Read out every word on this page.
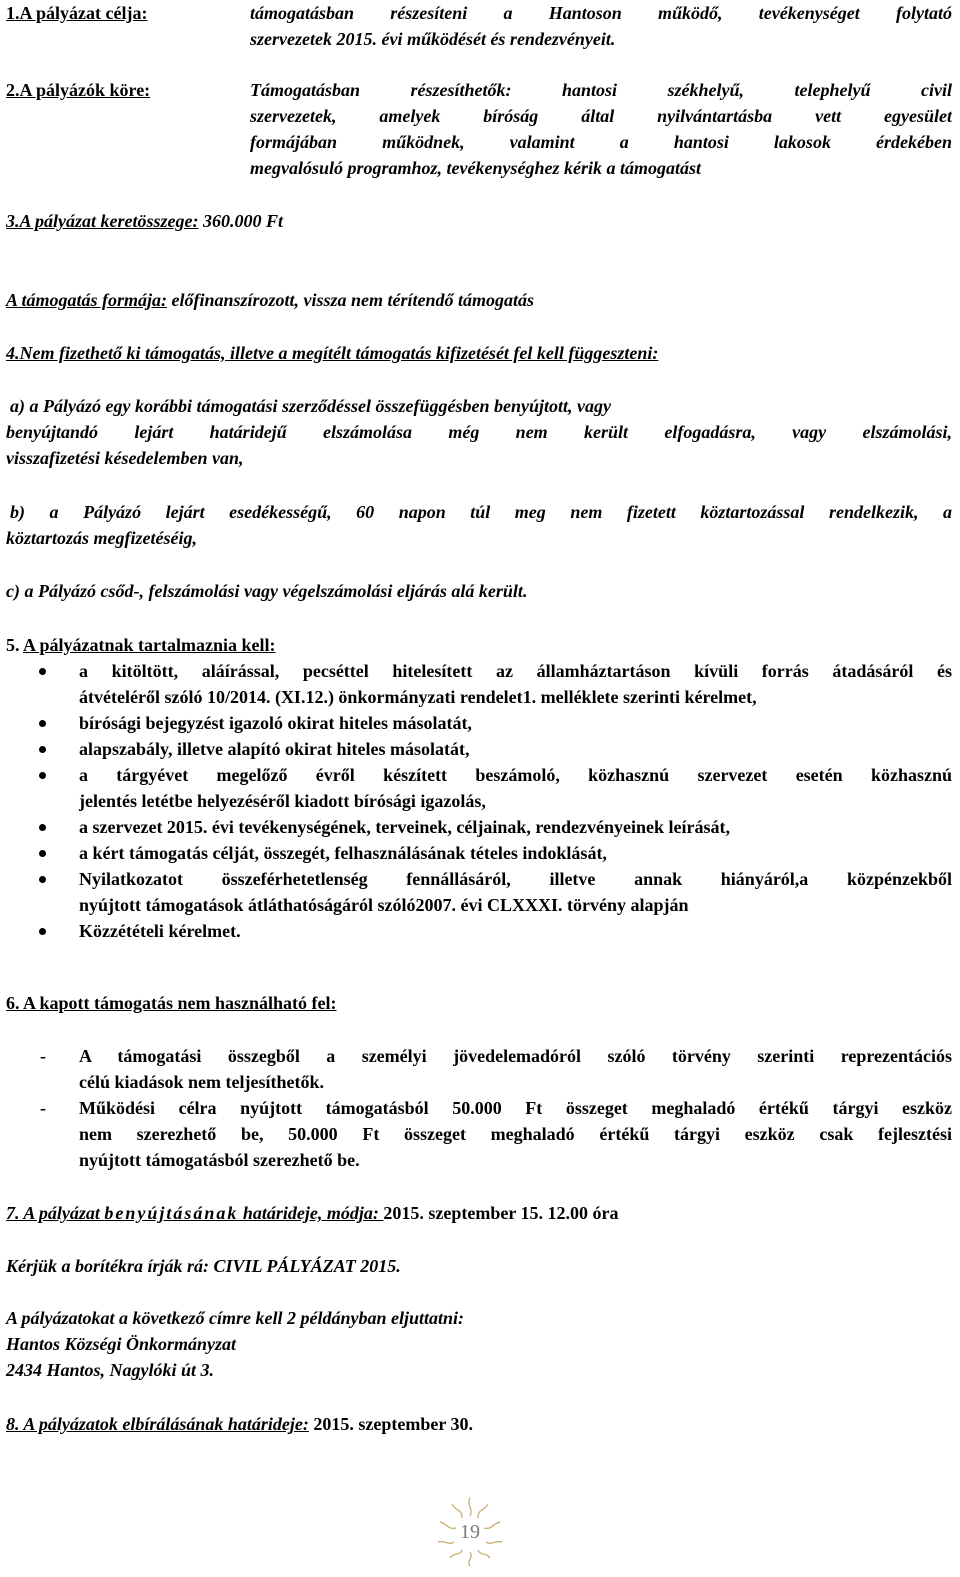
1.A pályázat célja:	támogatásban részesíteni a Hantoson működő, tevékenységet folytató
szervezetek 2015. évi működését és rendezvényeit.
2.A pályázók köre:	Támogatásban részesíthetők: hantosi székhelyű, telephelyű civil
szervezetek, amelyek bíróság által nyilvántartásba vett egyesület
formájában működnek, valamint a hantosi lakosok érdekében
megvalósuló programhoz, tevékenységhez kérik a támogatást
3.A pályázat keretösszege: 360.000 Ft
A támogatás formája: előfinanszírozott, vissza nem térítendő támogatás
4.Nem fizethető ki támogatás, illetve a megítélt támogatás kifizetését fel kell függeszteni:
a) a Pályázó egy korábbi támogatási szerződéssel összefüggésben benyújtott, vagy
benyújtandó lejárt határidejű elszámolása még nem került elfogadásra, vagy elszámolási,
visszafizetési késedelemben van,
b) a Pályázó lejárt esedékességű, 60 napon túl meg nem fizetett köztartozással rendelkezik, a
köztartozás megfizetéséig,
c) a Pályázó csőd-, felszámolási vagy végelszámolási eljárás alá került.
5. A pályázatnak tartalmaznia kell:
a kitöltött, aláírással, pecséttel hitelesített az államháztartáson kívüli forrás átadásáról és
átvételéről szóló 10/2014. (XI.12.) önkormányzati rendelet1. melléklete szerinti kérelmet,
bírósági bejegyzést igazoló okirat hiteles másolatát,
alapszabály, illetve alapító okirat hiteles másolatát,
a tárgyévet megelőző évről készített beszámoló, közhasznú szervezet esetén közhasznú
jelentés letétbe helyezéséről kiadott bírósági igazolás,
a szervezet 2015. évi tevékenységének, terveinek, céljainak, rendezvényeinek leírását,
a kért támogatás célját, összegét, felhasználásának tételes indoklását,
Nyilatkozatot összeférhetetlenség fennállásáról, illetve annak hiányáról,a közpénzekből
nyújtott támogatások átláthatóságáról szóló2007. évi CLXXXI. törvény alapján
Közzétételi kérelmet.
6. A kapott támogatás nem használható fel:
- A támogatási összegből a személyi jövedelemadóról szóló törvény szerinti reprezentációs
célú kiadások nem teljesíthetők.
- Működési célra nyújtott támogatásból 50.000 Ft összeget meghaladó értékű tárgyi eszköz
nem szerezhető be, 50.000 Ft összeget meghaladó értékű tárgyi eszköz csak fejlesztési
nyújtott támogatásból szerezhető be.
7. A pályázat benyújtásának határideje, módja: 2015. szeptember 15. 12.00 óra
Kérjük a borítékra írják rá: CIVIL PÁLYÁZAT 2015.
A pályázatokat a következő címre kell 2 példányban eljuttatni:
Hantos Községi Önkormányzat
2434 Hantos, Nagylóki út 3.
8. A pályázatok elbírálásának határideje: 2015. szeptember 30.
19
